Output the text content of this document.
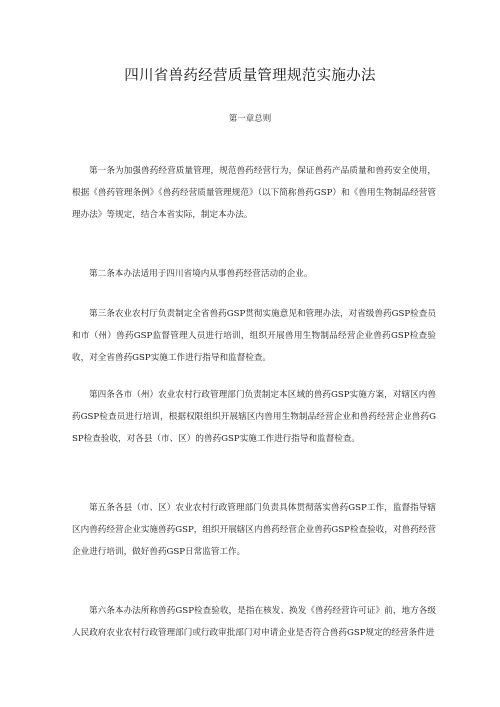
四川省兽药经营质量管理规范实施办法
第一章总则

第一条为加强兽药经营质量管理，规范兽药经营行为，保证兽药产品质量和兽药安全使用，根据《兽药管理条例》《兽药经营质量管理规范》（以下简称兽药GSP）和《兽用生物制品经营管理办法》等规定，结合本省实际，制定本办法。

第二条本办法适用于四川省境内从事兽药经营活动的企业。

第三条农业农村厅负责制定全省兽药GSP贯彻实施意见和管理办法，对省级兽药GSP检查员和市（州）兽药GSP监督管理人员进行培训，组织开展兽用生物制品经营企业兽药GSP检查验收，对全省兽药GSP实施工作进行指导和监督检查。

第四条各市（州）农业农村行政管理部门负责制定本区域的兽药GSP实施方案，对辖区内兽药GSP检查员进行培训，根据权限组织开展辖区内兽用生物制品经营企业和兽药经营企业兽药GSP检查验收，对各县（市、区）的兽药GSP实施工作进行指导和监督检查。

第五条各县（市、区）农业农村行政管理部门负责具体贯彻落实兽药GSP工作，监督指导辖区内兽药经营企业实施兽药GSP，组织开展辖区内兽药经营企业兽药GSP检查验收，对兽药经营企业进行培训，做好兽药GSP日常监管工作。

第六条本办法所称兽药GSP检查验收，是指在核发、换发《兽药经营许可证》前，地方各级人民政府农业农村行政管理部门或行政审批部门对申请企业是否符合兽药GSP规定的经营条件进
